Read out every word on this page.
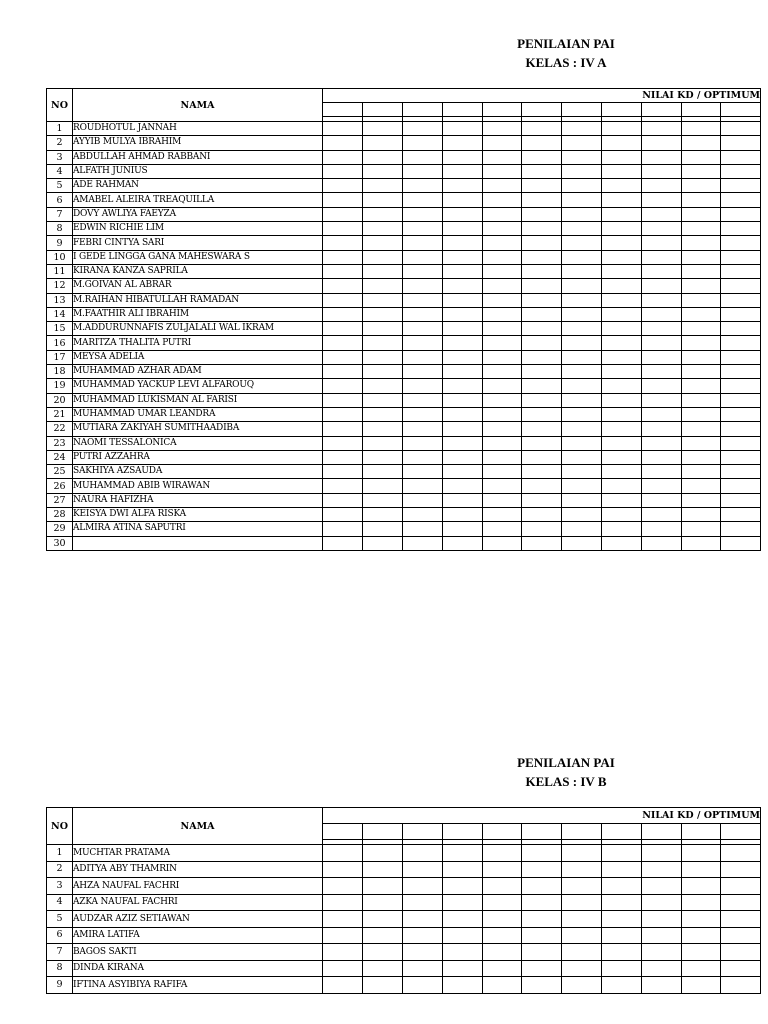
PENILAIAN PAI
KELAS : IV A
NO	NAMA	NILAI KD / OPTIMUM										

1	ROUDHOTUL JANNAH											
2	AYYIB MULYA IBRAHIM											
3	ABDULLAH AHMAD RABBANI											
4	ALFATH JUNIUS											
5	ADE RAHMAN											
6	AMABEL ALEIRA TREAQUILLA											
7	DOVY AWLIYA FAEYZA											
8	EDWIN RICHIE LIM											
9	FEBRI CINTYA SARI											
10	I GEDE LINGGA GANA MAHESWARA S											
11	KIRANA KANZA SAPRILA											
12	M.GOIVAN AL ABRAR											
13	M.RAIHAN HIBATULLAH RAMADAN											
14	M.FAATHIR ALI IBRAHIM											
15	M.ADDURUNNAFIS ZULJALALI WAL IKRAM											
16	MARITZA THALITA PUTRI											
17	MEYSA ADELIA											
18	MUHAMMAD AZHAR ADAM											
19	MUHAMMAD YACKUP LEVI ALFAROUQ											
20	MUHAMMAD LUKISMAN AL FARISI											
21	MUHAMMAD UMAR LEANDRA											
22	MUTIARA ZAKIYAH SUMITHAADIBA											
23	NAOMI TESSALONICA											
24	PUTRI AZZAHRA											
25	SAKHIYA AZSAUDA											
26	MUHAMMAD ABIB WIRAWAN											
27	NAURA HAFIZHA											
28	KEISYA DWI ALFA RISKA											
29	ALMIRA ATINA SAPUTRI											
30												
PENILAIAN PAI
KELAS : IV B
NO	NAMA	NILAI KD / OPTIMUM										

1	MUCHTAR PRATAMA											
2	ADITYA ABY THAMRIN											
3	AHZA NAUFAL FACHRI											
4	AZKA NAUFAL FACHRI											
5	AUDZAR AZIZ SETIAWAN											
6	AMIRA LATIFA											
7	BAGOS SAKTI											
8	DINDA KIRANA											
9	IFTINA ASYIBIYA RAFIFA											
